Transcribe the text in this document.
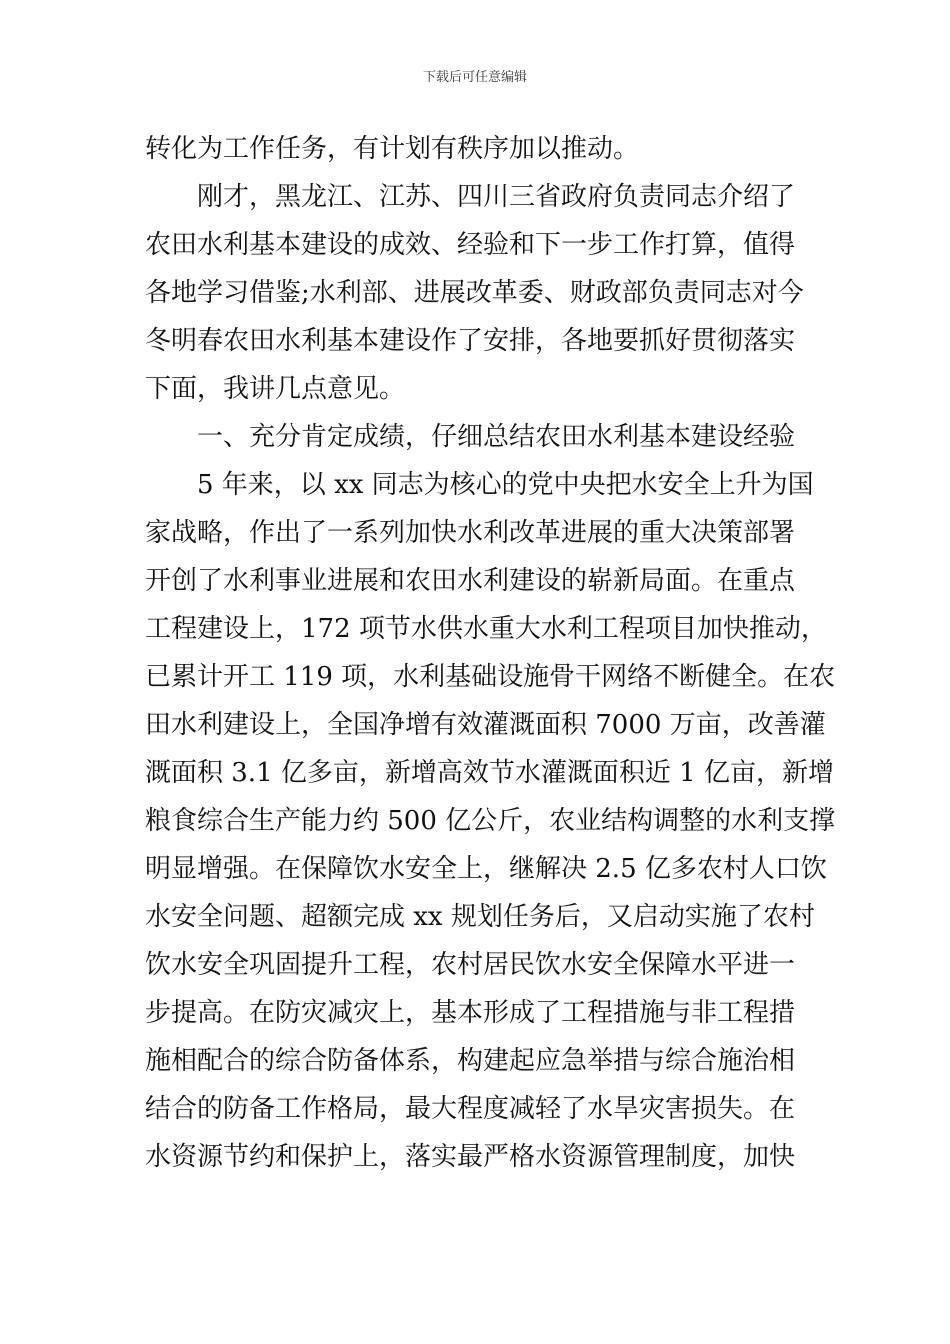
下载后可任意编辑
转化为工作任务，有计划有秩序加以推动。
刚才，黑龙江、江苏、四川三省政府负责同志介绍了
农田水利基本建设的成效、经验和下一步工作打算，值得
各地学习借鉴;水利部、进展改革委、财政部负责同志对今
冬明春农田水利基本建设作了安排，各地要抓好贯彻落实
下面，我讲几点意见。
一、充分肯定成绩，仔细总结农田水利基本建设经验
5 年来，以 xx 同志为核心的党中央把水安全上升为国
家战略，作出了一系列加快水利改革进展的重大决策部署
开创了水利事业进展和农田水利建设的崭新局面。在重点
工程建设上，172 项节水供水重大水利工程项目加快推动，
已累计开工 119 项，水利基础设施骨干网络不断健全。在农
田水利建设上，全国净增有效灌溉面积 7000 万亩，改善灌
溉面积 3.1 亿多亩，新增高效节水灌溉面积近 1 亿亩，新增
粮食综合生产能力约 500 亿公斤，农业结构调整的水利支撑
明显增强。在保障饮水安全上，继解决 2.5 亿多农村人口饮
水安全问题、超额完成 xx 规划任务后，又启动实施了农村
饮水安全巩固提升工程，农村居民饮水安全保障水平进一
步提高。在防灾减灾上，基本形成了工程措施与非工程措
施相配合的综合防备体系，构建起应急举措与综合施治相
结合的防备工作格局，最大程度减轻了水旱灾害损失。在
水资源节约和保护上，落实最严格水资源管理制度，加快
